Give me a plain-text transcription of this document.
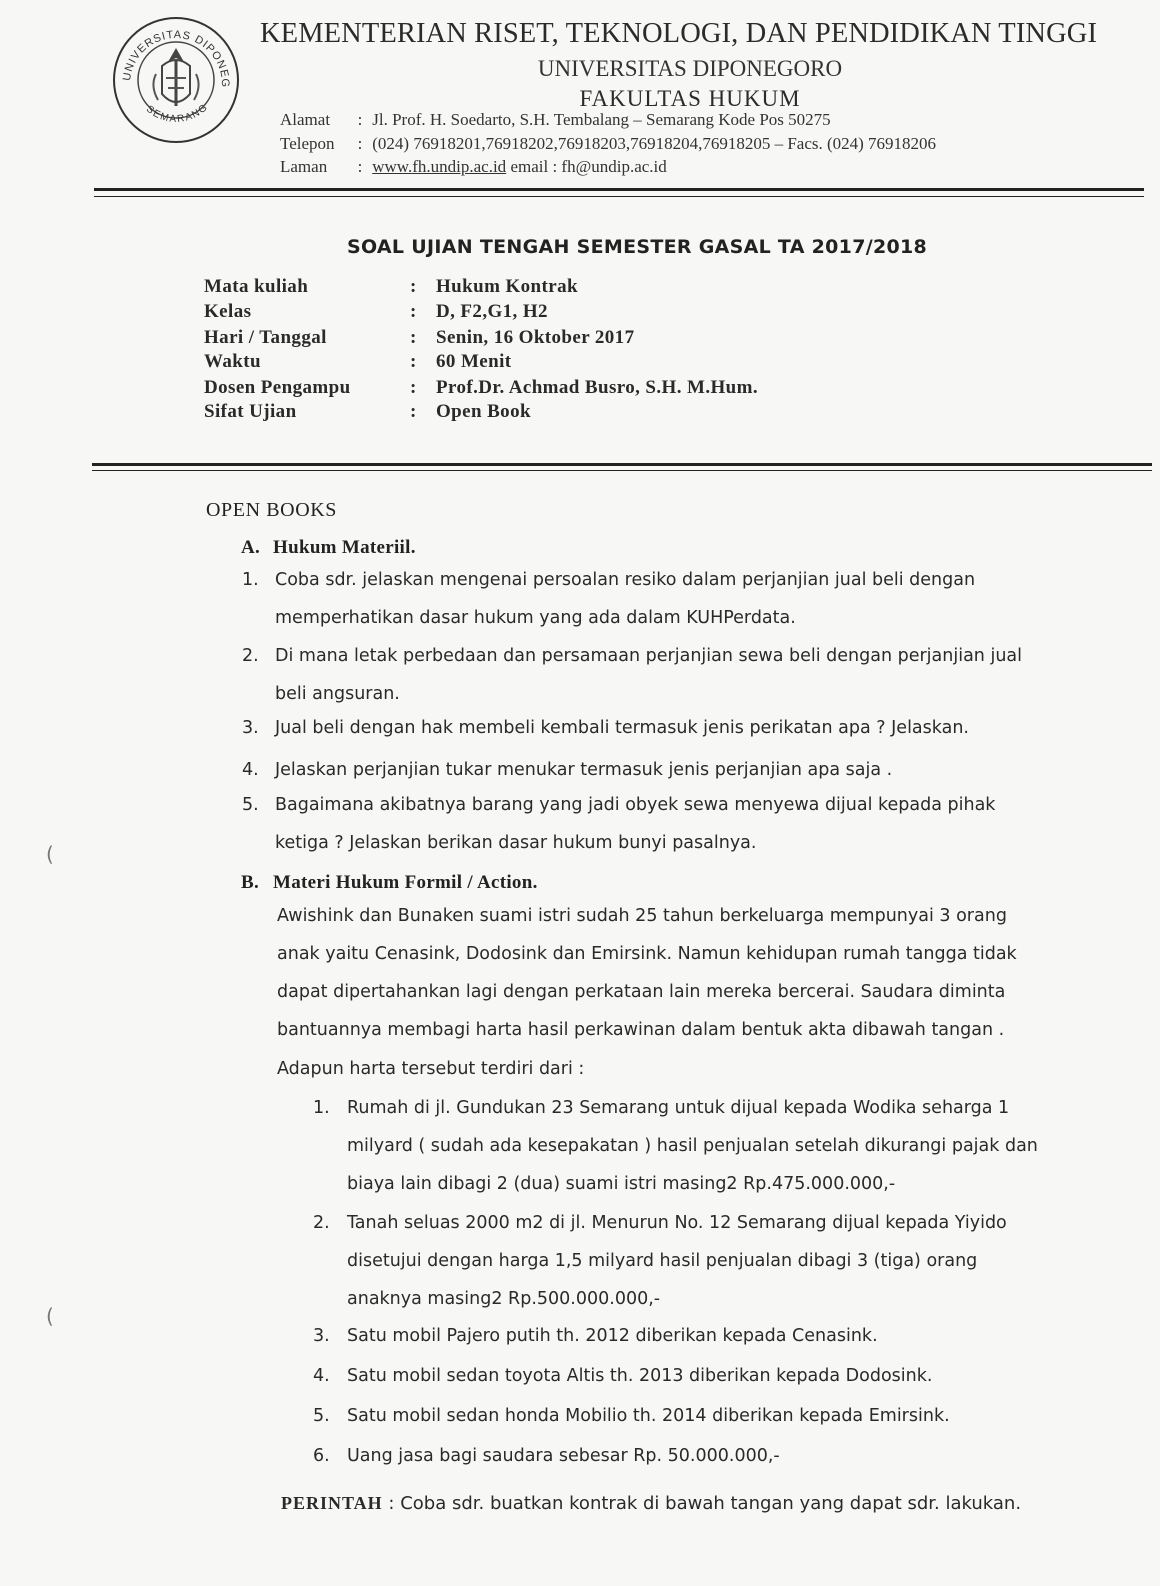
UNIVERSITAS DIPONEG
SEMARANG
KEMENTERIAN RISET, TEKNOLOGI, DAN PENDIDIKAN TINGGI
UNIVERSITAS DIPONEGORO
FAKULTAS HUKUM
Alamat : Jl. Prof. H. Soedarto, S.H. Tembalang – Semarang Kode Pos 50275
Telepon : (024) 76918201,76918202,76918203,76918204,76918205 – Facs. (024) 76918206
Laman : www.fh.undip.ac.id email : fh@undip.ac.id
SOAL UJIAN TENGAH SEMESTER GASAL TA 2017/2018
Mata kuliah	: Hukum Kontrak
Kelas	: D, F2,G1, H2
Hari / Tanggal	: Senin, 16 Oktober 2017
Waktu	: 60 Menit
Dosen Pengampu	: Prof.Dr. Achmad Busro, S.H. M.Hum.
Sifat Ujian	: Open Book
OPEN BOOKS
A. Hukum Materiil.
1. Coba sdr. jelaskan mengenai persoalan resiko dalam perjanjian jual beli dengan
memperhatikan dasar hukum yang ada dalam KUHPerdata.
2. Di mana letak perbedaan dan persamaan perjanjian sewa beli dengan perjanjian jual
beli angsuran.
3. Jual beli dengan hak membeli kembali termasuk jenis perikatan apa ? Jelaskan.
4. Jelaskan perjanjian tukar menukar termasuk jenis perjanjian apa saja .
5. Bagaimana akibatnya barang yang jadi obyek sewa menyewa dijual kepada pihak
ketiga ? Jelaskan berikan dasar hukum bunyi pasalnya.
B. Materi Hukum Formil / Action.
Awishink dan Bunaken suami istri sudah 25 tahun berkeluarga mempunyai 3 orang
anak yaitu Cenasink, Dodosink dan Emirsink. Namun kehidupan rumah tangga tidak
dapat dipertahankan lagi dengan perkataan lain mereka bercerai. Saudara diminta
bantuannya membagi harta hasil perkawinan dalam bentuk akta dibawah tangan .
Adapun harta tersebut terdiri dari :
1. Rumah di jl. Gundukan 23 Semarang untuk dijual kepada Wodika seharga 1
milyard ( sudah ada kesepakatan ) hasil penjualan setelah dikurangi pajak dan
biaya lain dibagi 2 (dua) suami istri masing2 Rp.475.000.000,-
2. Tanah seluas 2000 m2 di jl. Menurun No. 12 Semarang dijual kepada Yiyido
disetujui dengan harga 1,5 milyard hasil penjualan dibagi 3 (tiga) orang
anaknya masing2 Rp.500.000.000,-
3. Satu mobil Pajero putih th. 2012 diberikan kepada Cenasink.
4. Satu mobil sedan toyota Altis th. 2013 diberikan kepada Dodosink.
5. Satu mobil sedan honda Mobilio th. 2014 diberikan kepada Emirsink.
6. Uang jasa bagi saudara sebesar Rp. 50.000.000,-
PERINTAH : Coba sdr. buatkan kontrak di bawah tangan yang dapat sdr. lakukan.
(
(
